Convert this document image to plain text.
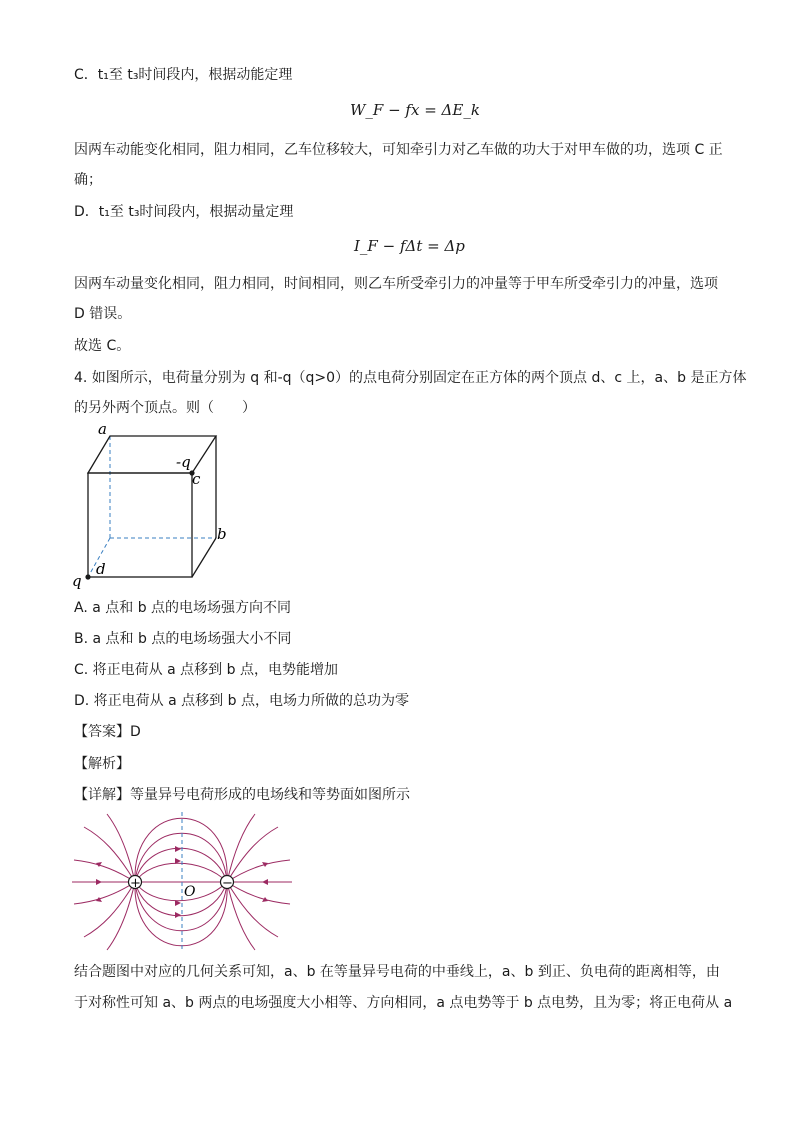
C．t₁至 t₃时间段内，根据动能定理
W_F − fx = ΔE_k
因两车动能变化相同，阻力相同，乙车位移较大，可知牵引力对乙车做的功大于对甲车做的功，选项 C 正
确；
D．t₁至 t₃时间段内，根据动量定理
I_F − fΔt = Δp
因两车动量变化相同，阻力相同，时间相同，则乙车所受牵引力的冲量等于甲车所受牵引力的冲量，选项
D 错误。
故选 C。
4. 如图所示，电荷量分别为 q 和-q（q>0）的点电荷分别固定在正方体的两个顶点 d、c 上，a、b 是正方体
的另外两个顶点。则（　　）
a
-q
c
b
q
d
A. a 点和 b 点的电场场强方向不同
B. a 点和 b 点的电场场强大小不同
C. 将正电荷从 a 点移到 b 点，电势能增加
D. 将正电荷从 a 点移到 b 点，电场力所做的总功为零
【答案】D
【解析】
【详解】等量异号电荷形成的电场线和等势面如图所示
+	−
O
结合题图中对应的几何关系可知，a、b 在等量异号电荷的中垂线上，a、b 到正、负电荷的距离相等，由
于对称性可知 a、b 两点的电场强度大小相等、方向相同，a 点电势等于 b 点电势，且为零；将正电荷从 a
